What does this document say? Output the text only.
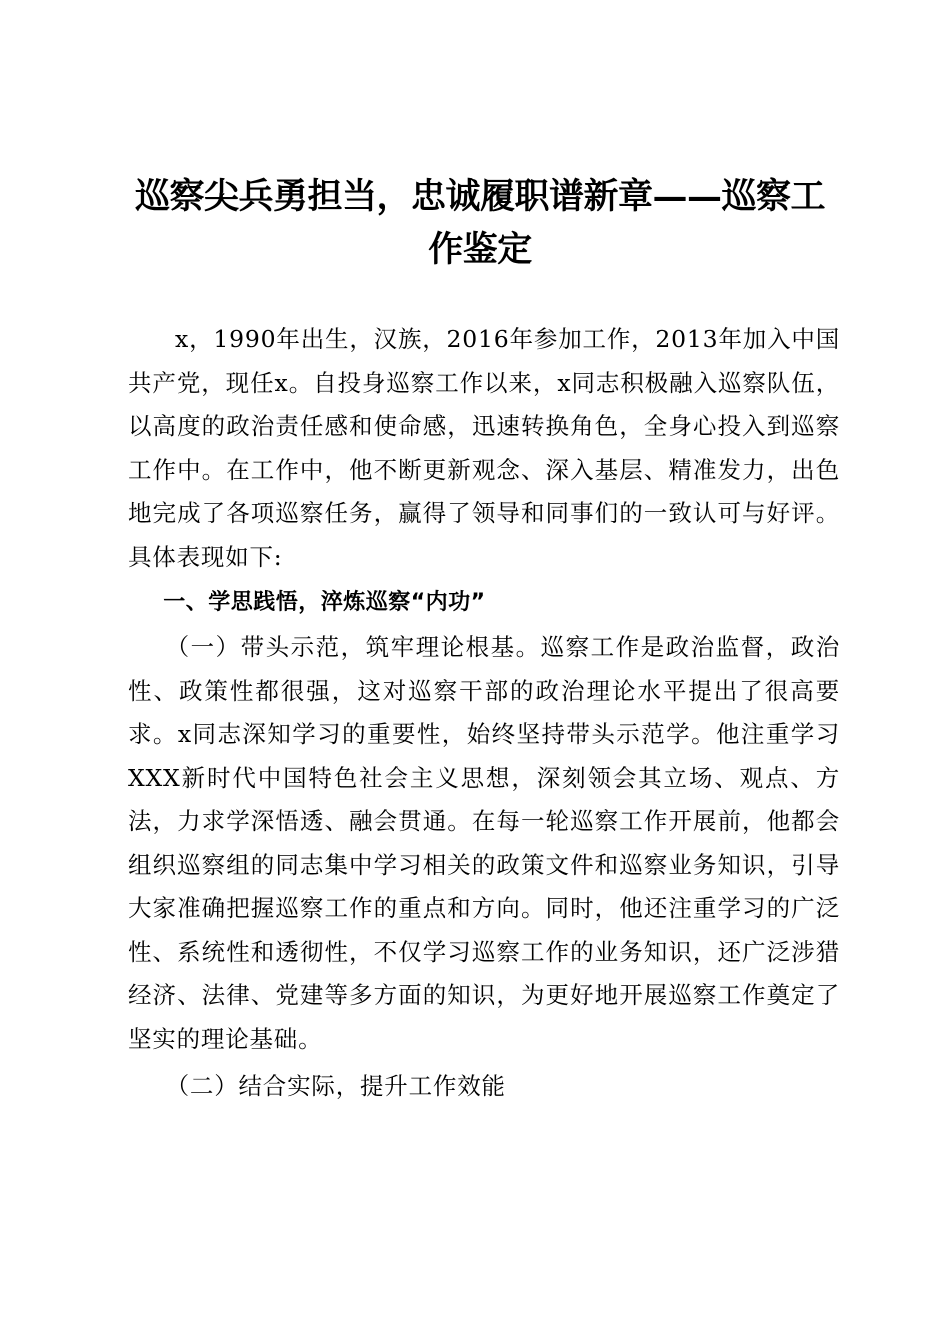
巡察尖兵勇担当，忠诚履职谱新章——巡察工作鉴定

x，1990年出生，汉族，2016年参加工作，2013年加入中国共产党，现任x。自投身巡察工作以来，x同志积极融入巡察队伍，以高度的政治责任感和使命感，迅速转换角色，全身心投入到巡察工作中。在工作中，他不断更新观念、深入基层、精准发力，出色地完成了各项巡察任务，赢得了领导和同事们的一致认可与好评。具体表现如下:

一、学思践悟，淬炼巡察“内功”

（一）带头示范，筑牢理论根基。巡察工作是政治监督，政治性、政策性都很强，这对巡察干部的政治理论水平提出了很高要求。x同志深知学习的重要性，始终坚持带头示范学。他注重学习XXX新时代中国特色社会主义思想，深刻领会其立场、观点、方法，力求学深悟透、融会贯通。在每一轮巡察工作开展前，他都会组织巡察组的同志集中学习相关的政策文件和巡察业务知识，引导大家准确把握巡察工作的重点和方向。同时，他还注重学习的广泛性、系统性和透彻性，不仅学习巡察工作的业务知识，还广泛涉猎经济、法律、党建等多方面的知识，为更好地开展巡察工作奠定了坚实的理论基础。

（二）结合实际，提升工作效能
